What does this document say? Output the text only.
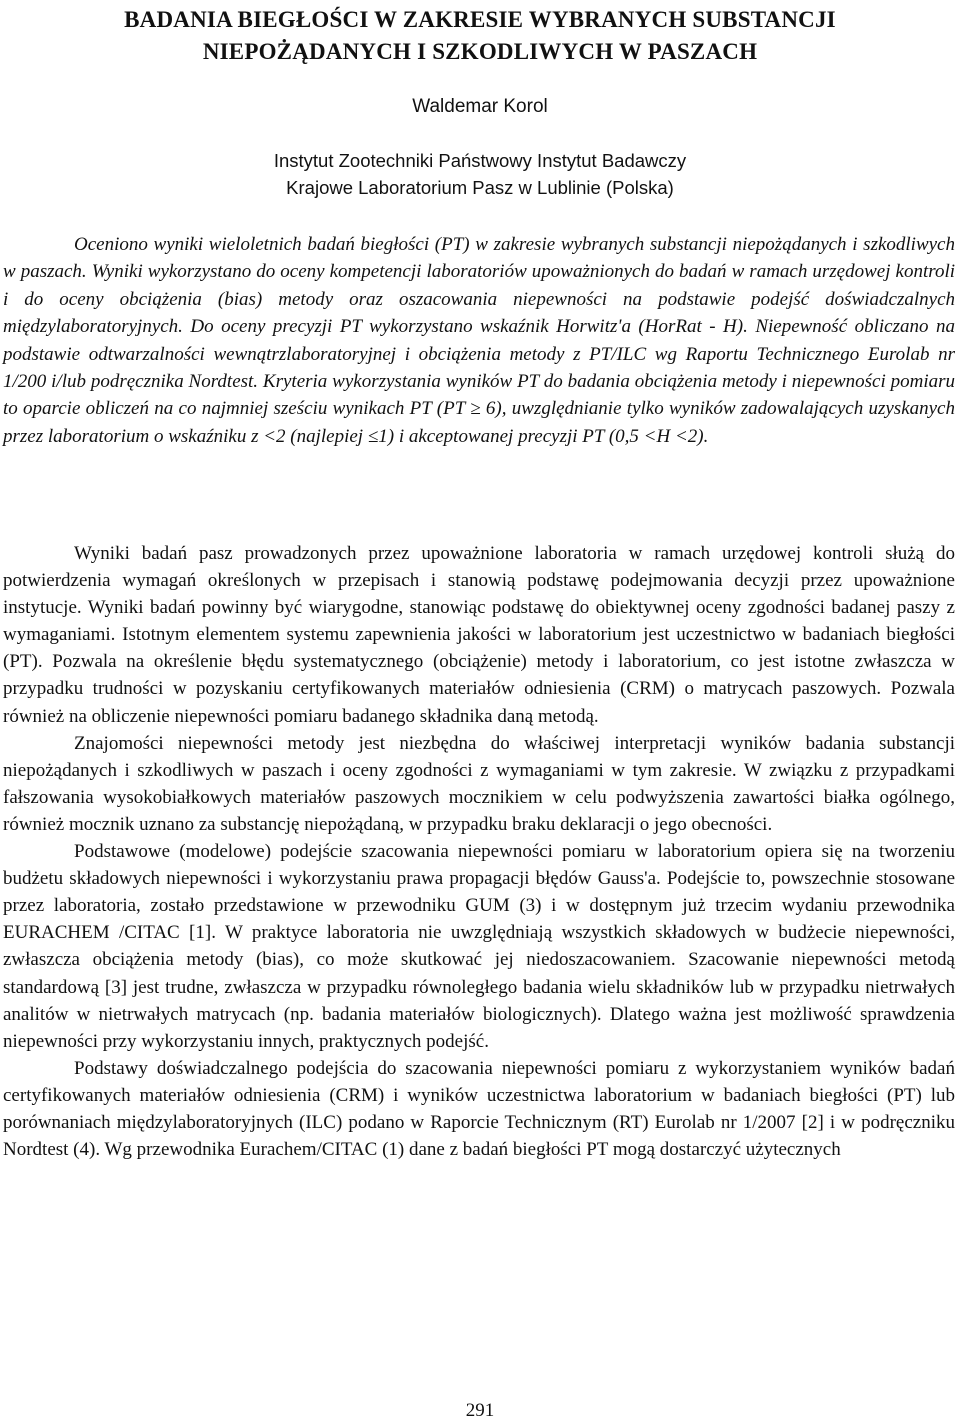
BADANIA BIEGŁOŚCI W ZAKRESIE WYBRANYCH SUBSTANCJI
NIEPOŻĄDANYCH I SZKODLIWYCH W PASZACH
Waldemar Korol
Instytut Zootechniki Państwowy Instytut Badawczy
Krajowe Laboratorium Pasz w Lublinie (Polska)

Oceniono wyniki wieloletnich badań biegłości (PT) w zakresie wybranych substancji niepożądanych i szkodliwych w paszach. Wyniki wykorzystano do oceny kompetencji laboratoriów upoważnionych do badań w ramach urzędowej kontroli i do oceny obciążenia (bias) metody oraz oszacowania niepewności na podstawie podejść doświadczalnych międzylaboratoryjnych. Do oceny precyzji PT wykorzystano wskaźnik Horwitz'a (HorRat - H). Niepewność obliczano na podstawie odtwarzalności wewnątrzlaboratoryjnej i obciążenia metody z PT/ILC wg Raportu Technicznego Eurolab nr 1/200 i/lub podręcznika Nordtest. Kryteria wykorzystania wyników PT do badania obciążenia metody i niepewności pomiaru to oparcie obliczeń na co najmniej sześciu wynikach PT (PT ≥ 6), uwzględnianie tylko wyników zadowalających uzyskanych przez laboratorium o wskaźniku z <2 (najlepiej ≤1) i akceptowanej precyzji PT (0,5 <H <2).

Wyniki badań pasz prowadzonych przez upoważnione laboratoria w ramach urzędowej kontroli służą do potwierdzenia wymagań określonych w przepisach i stanowią podstawę podejmowania decyzji przez upoważnione instytucje. Wyniki badań powinny być wiarygodne, stanowiąc podstawę do obiektywnej oceny zgodności badanej paszy z wymaganiami. Istotnym elementem systemu zapewnienia jakości w laboratorium jest uczestnictwo w badaniach biegłości (PT). Pozwala na określenie błędu systematycznego (obciążenie) metody i laboratorium, co jest istotne zwłaszcza w przypadku trudności w pozyskaniu certyfikowanych materiałów odniesienia (CRM) o matrycach paszowych. Pozwala również na obliczenie niepewności pomiaru badanego składnika daną metodą.

Znajomości niepewności metody jest niezbędna do właściwej interpretacji wyników badania substancji niepożądanych i szkodliwych w paszach i oceny zgodności z wymaganiami w tym zakresie. W związku z przypadkami fałszowania wysokobiałkowych materiałów paszowych mocznikiem w celu podwyższenia zawartości białka ogólnego, również mocznik uznano za substancję niepożądaną, w przypadku braku deklaracji o jego obecności.

Podstawowe (modelowe) podejście szacowania niepewności pomiaru w laboratorium opiera się na tworzeniu budżetu składowych niepewności i wykorzystaniu prawa propagacji błędów Gauss'a. Podejście to, powszechnie stosowane przez laboratoria, zostało przedstawione w przewodniku GUM (3) i w dostępnym już trzecim wydaniu przewodnika EURACHEM /CITAC [1]. W praktyce laboratoria nie uwzględniają wszystkich składowych w budżecie niepewności, zwłaszcza obciążenia metody (bias), co może skutkować jej niedoszacowaniem. Szacowanie niepewności metodą standardową [3] jest trudne, zwłaszcza w przypadku równoległego badania wielu składników lub w przypadku nietrwałych analitów w nietrwałych matrycach (np. badania materiałów biologicznych). Dlatego ważna jest możliwość sprawdzenia niepewności przy wykorzystaniu innych, praktycznych podejść.

Podstawy doświadczalnego podejścia do szacowania niepewności pomiaru z wykorzystaniem wyników badań certyfikowanych materiałów odniesienia (CRM) i wyników uczestnictwa laboratorium w badaniach biegłości (PT) lub porównaniach międzylaboratoryjnych (ILC) podano w Raporcie Technicznym (RT) Eurolab nr 1/2007 [2] i w podręczniku Nordtest (4). Wg przewodnika Eurachem/CITAC (1) dane z badań biegłości PT mogą dostarczyć użytecznych

291
